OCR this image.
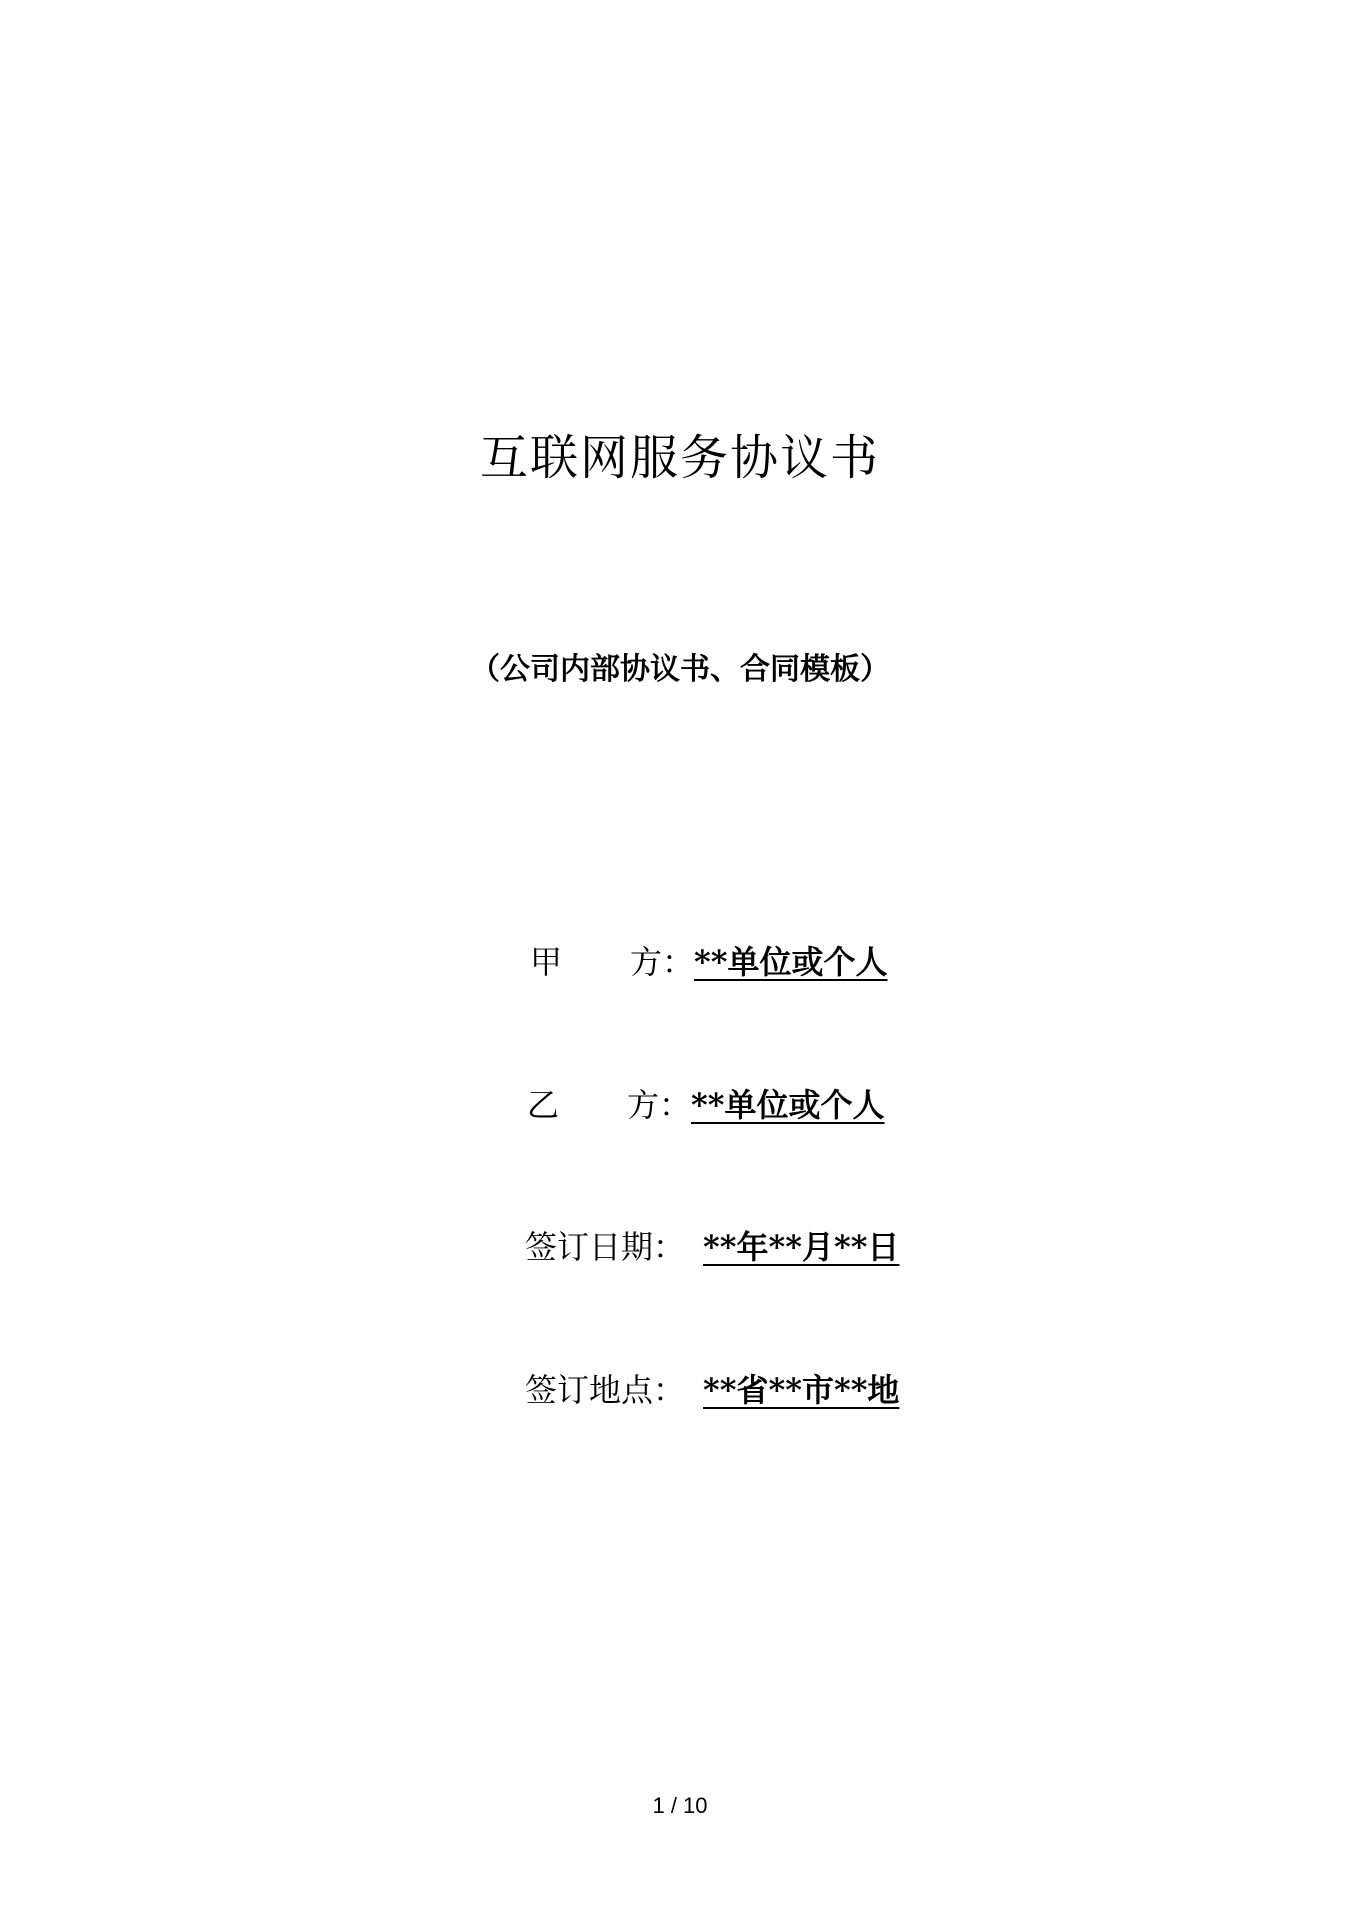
互联网服务协议书
（公司内部协议书、合同模板）
甲 方：**单位或个人
乙 方：**单位或个人
签订日期： **年**月**日
签订地点： **省**市**地
1 / 10
